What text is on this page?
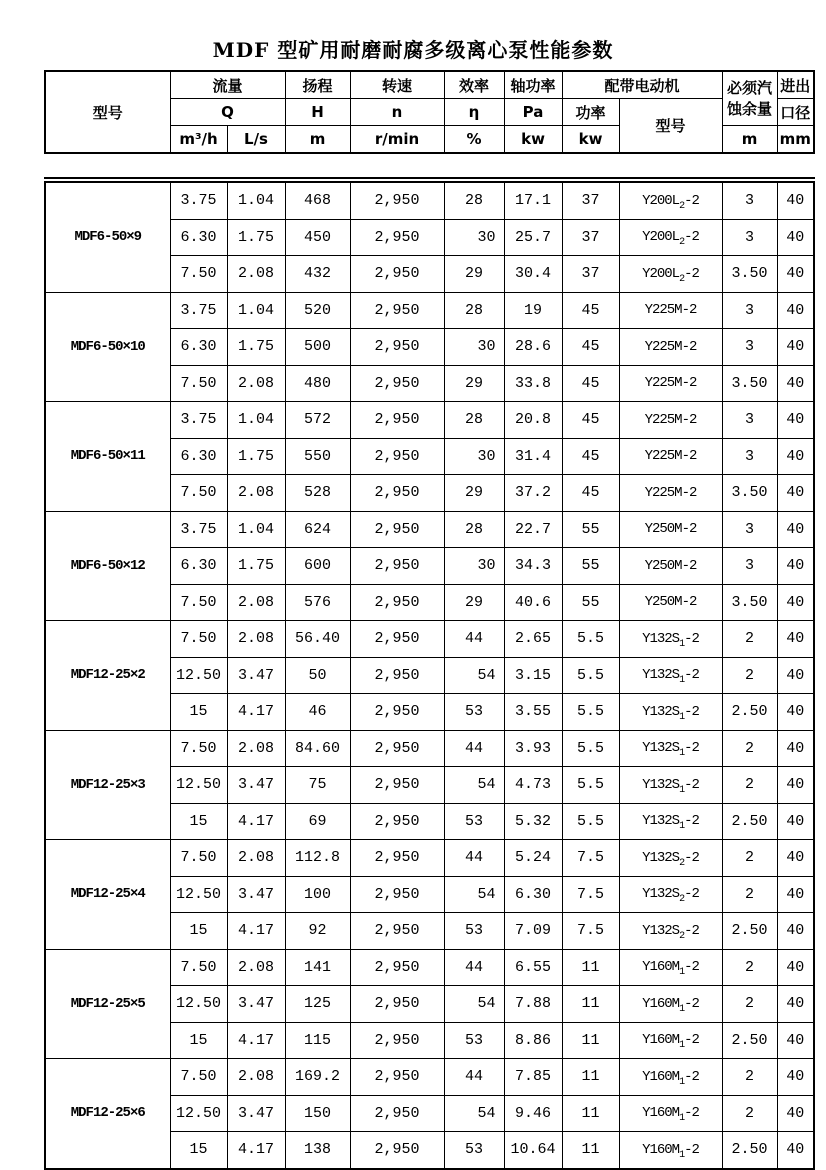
MDF 型矿用耐磨耐腐多级离心泵性能参数
型号	流量		扬程	转速	效率	轴功率	配带电动机		必须汽蚀余量	进出
	Q		H	n	η	Pa	功率	型号		口径
	m³/h	L/s	m	r/min	%	kw	kw		m	mm
MDF6-50×9	3.75	1.04	468	2,950	28	17.1	37	$Y200L_2-2$	3	40
	6.30	1.75	450	2,950	30	25.7	37	$Y200L_2-2$	3	40
	7.50	2.08	432	2,950	29	30.4	37	$Y200L_2-2$	3.50	40
MDF6-50×10	3.75	1.04	520	2,950	28	19	45	Y225M-2	3	40
	6.30	1.75	500	2,950	30	28.6	45	Y225M-2	3	40
	7.50	2.08	480	2,950	29	33.8	45	Y225M-2	3.50	40
MDF6-50×11	3.75	1.04	572	2,950	28	20.8	45	Y225M-2	3	40
	6.30	1.75	550	2,950	30	31.4	45	Y225M-2	3	40
	7.50	2.08	528	2,950	29	37.2	45	Y225M-2	3.50	40
MDF6-50×12	3.75	1.04	624	2,950	28	22.7	55	Y250M-2	3	40
	6.30	1.75	600	2,950	30	34.3	55	Y250M-2	3	40
	7.50	2.08	576	2,950	29	40.6	55	Y250M-2	3.50	40
MDF12-25×2	7.50	2.08	56.40	2,950	44	2.65	5.5	$Y132S_1-2$	2	40
	12.50	3.47	50	2,950	54	3.15	5.5	$Y132S_1-2$	2	40
	15	4.17	46	2,950	53	3.55	5.5	$Y132S_1-2$	2.50	40
MDF12-25×3	7.50	2.08	84.60	2,950	44	3.93	5.5	$Y132S_1-2$	2	40
	12.50	3.47	75	2,950	54	4.73	5.5	$Y132S_1-2$	2	40
	15	4.17	69	2,950	53	5.32	5.5	$Y132S_1-2$	2.50	40
MDF12-25×4	7.50	2.08	112.8	2,950	44	5.24	7.5	$Y132S_2-2$	2	40
	12.50	3.47	100	2,950	54	6.30	7.5	$Y132S_2-2$	2	40
	15	4.17	92	2,950	53	7.09	7.5	$Y132S_2-2$	2.50	40
MDF12-25×5	7.50	2.08	141	2,950	44	6.55	11	$Y160M_1-2$	2	40
	12.50	3.47	125	2,950	54	7.88	11	$Y160M_1-2$	2	40
	15	4.17	115	2,950	53	8.86	11	$Y160M_1-2$	2.50	40
MDF12-25×6	7.50	2.08	169.2	2,950	44	7.85	11	$Y160M_1-2$	2	40
	12.50	3.47	150	2,950	54	9.46	11	$Y160M_1-2$	2	40
	15	4.17	138	2,950	53	10.64	11	$Y160M_1-2$	2.50	40
